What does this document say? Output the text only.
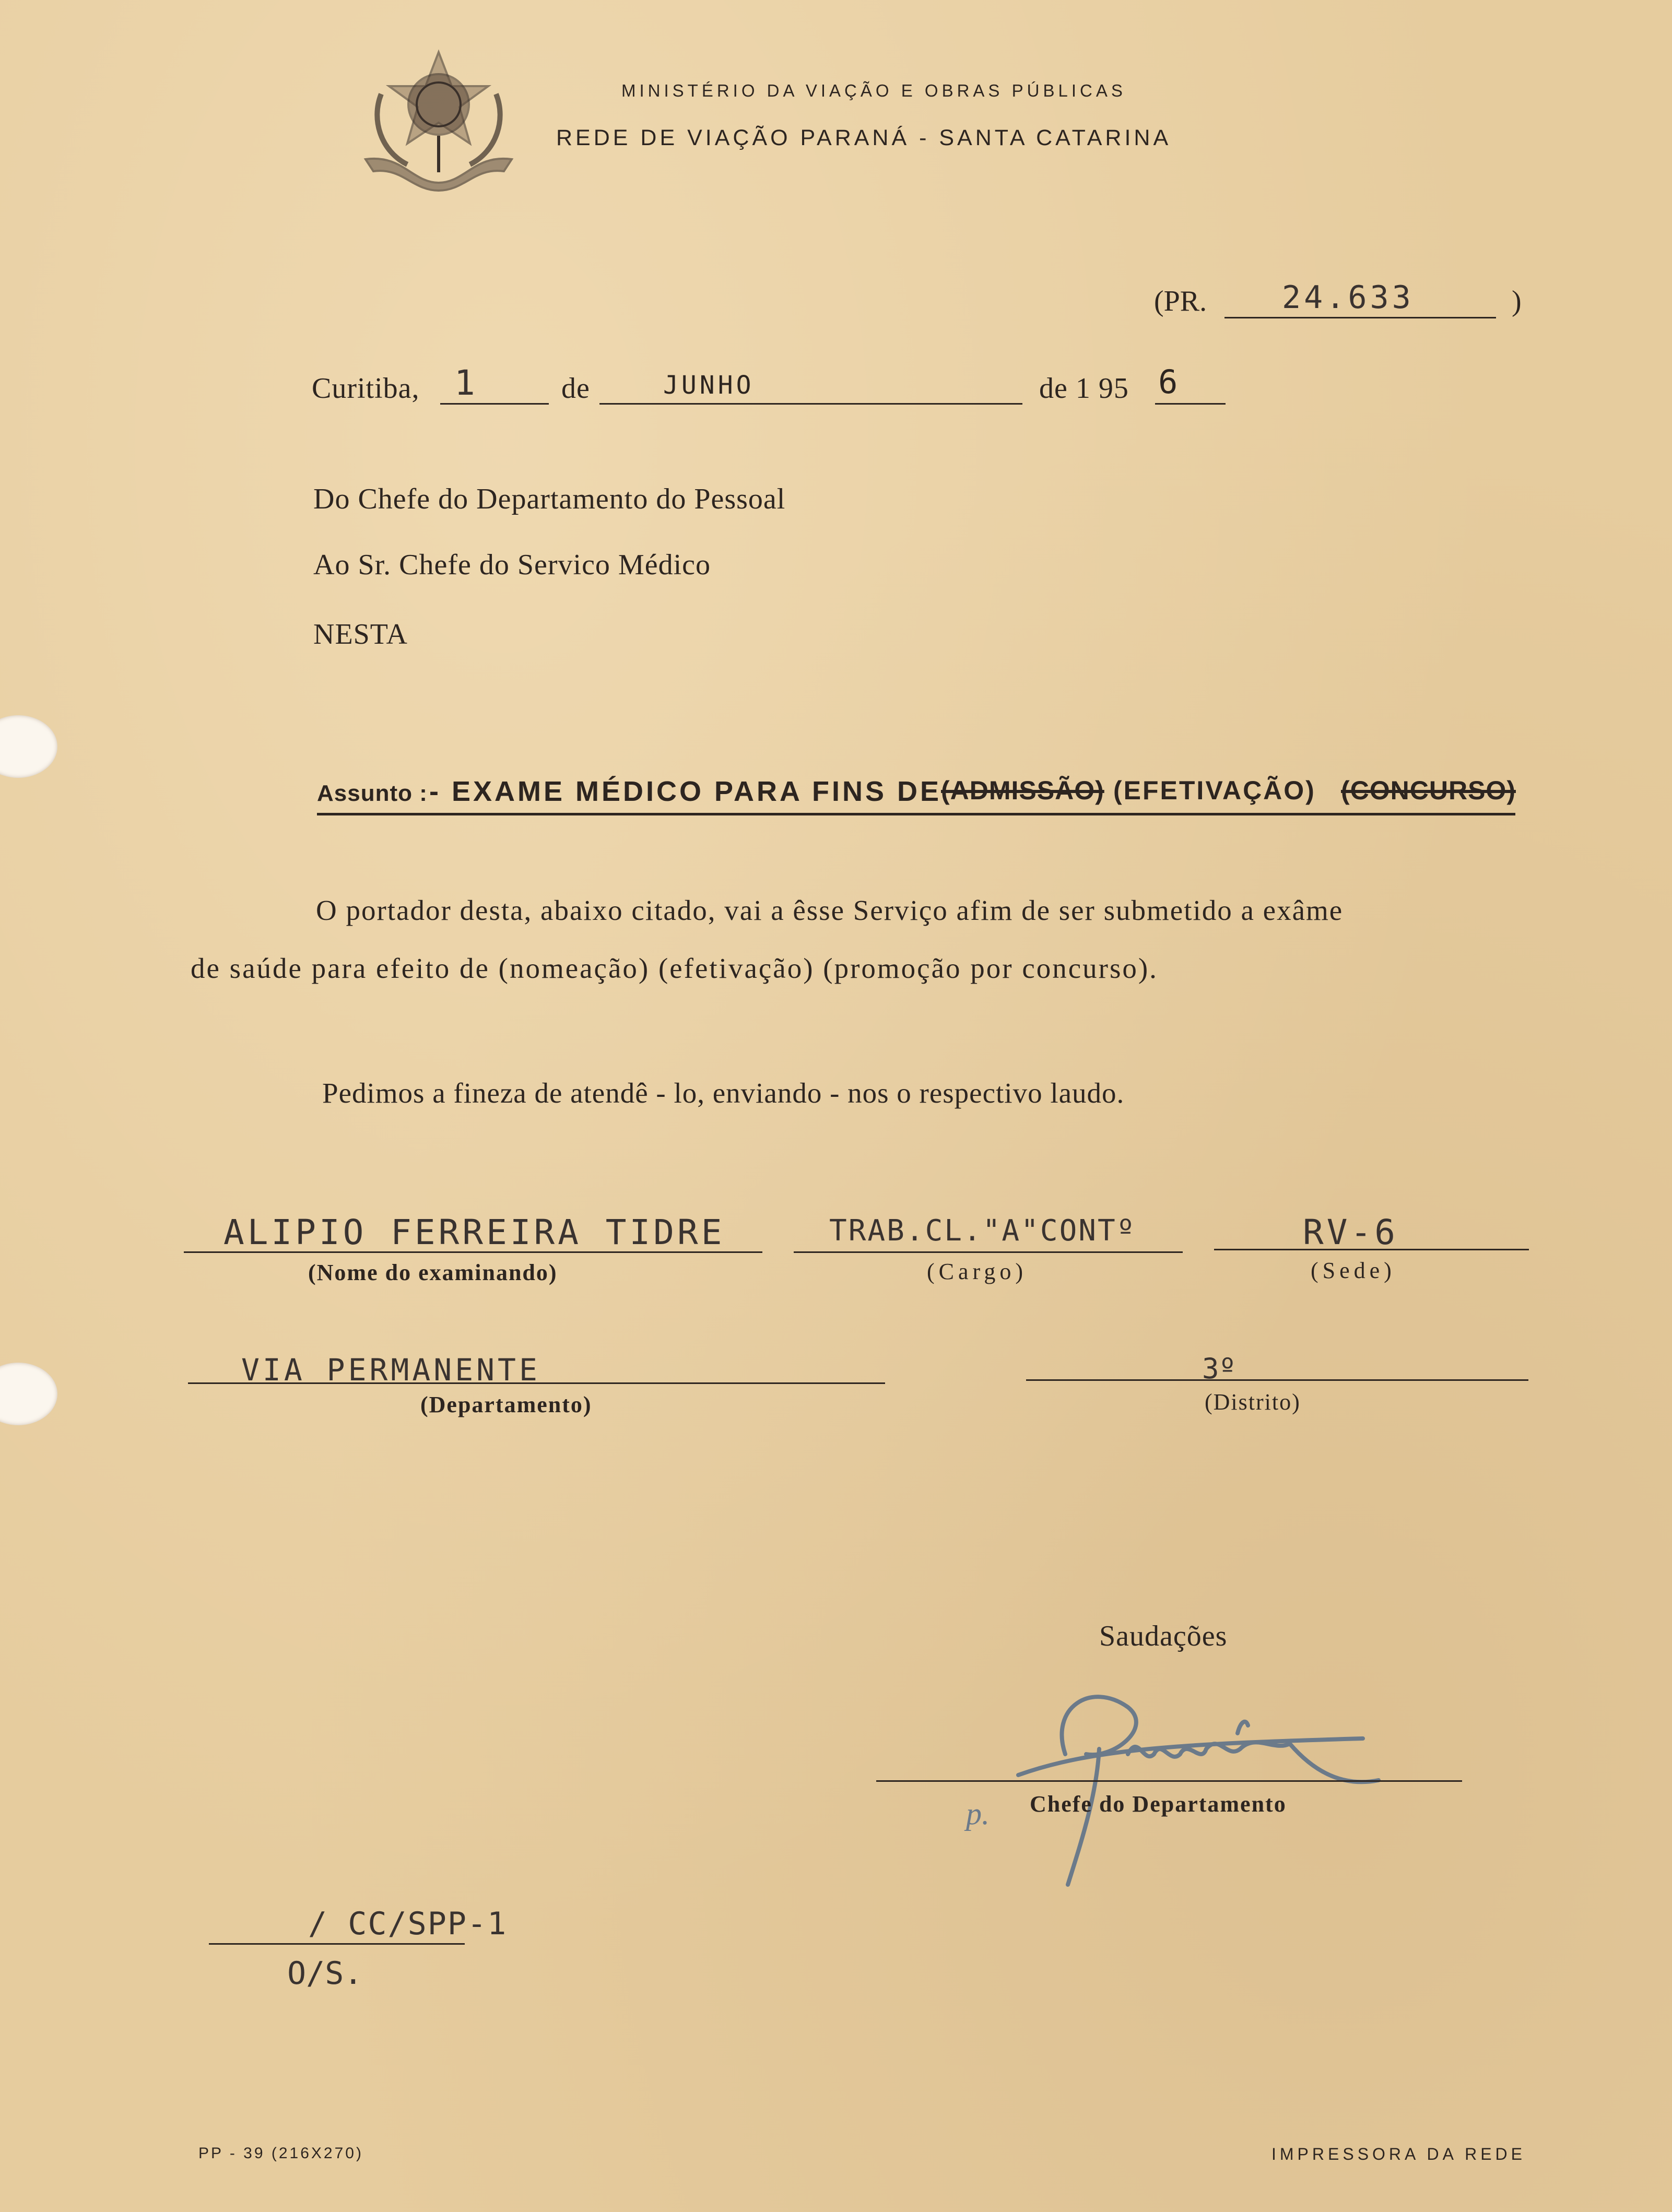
MINISTÉRIO DA VIAÇÃO E OBRAS PÚBLICAS
REDE DE VIAÇÃO PARANÁ - SANTA CATARINA
(PR. 24.633	)
Curitiba, 1	de	JUNHO	de 1 95 6
Do Chefe do Departamento do Pessoal
Ao Sr. Chefe do Servico Médico
NESTA
Assunto : - EXAME MÉDICO PARA FINS DE
(ADMISSÃO) (EFETIVAÇÃO) (CONCURSO)
O portador desta, abaixo citado, vai a êsse Serviço afim de ser submetido a exâme
de saúde para efeito de (nomeação) (efetivação) (promoção por concurso).
Pedimos a fineza de atendê - lo, enviando - nos o respectivo laudo.
ALIPIO FERREIRA TIDRE
(Nome do examinando)
TRAB.CL."A"CONTº
(Cargo)
RV-6
(Sede)
VIA PERMANENTE
(Departamento)
3º
(Distrito)
Saudações
p. Chefe do Departamento
/ CC/SPP-1
O/S.
PP - 39 (216X270)	IMPRESSORA DA REDE
